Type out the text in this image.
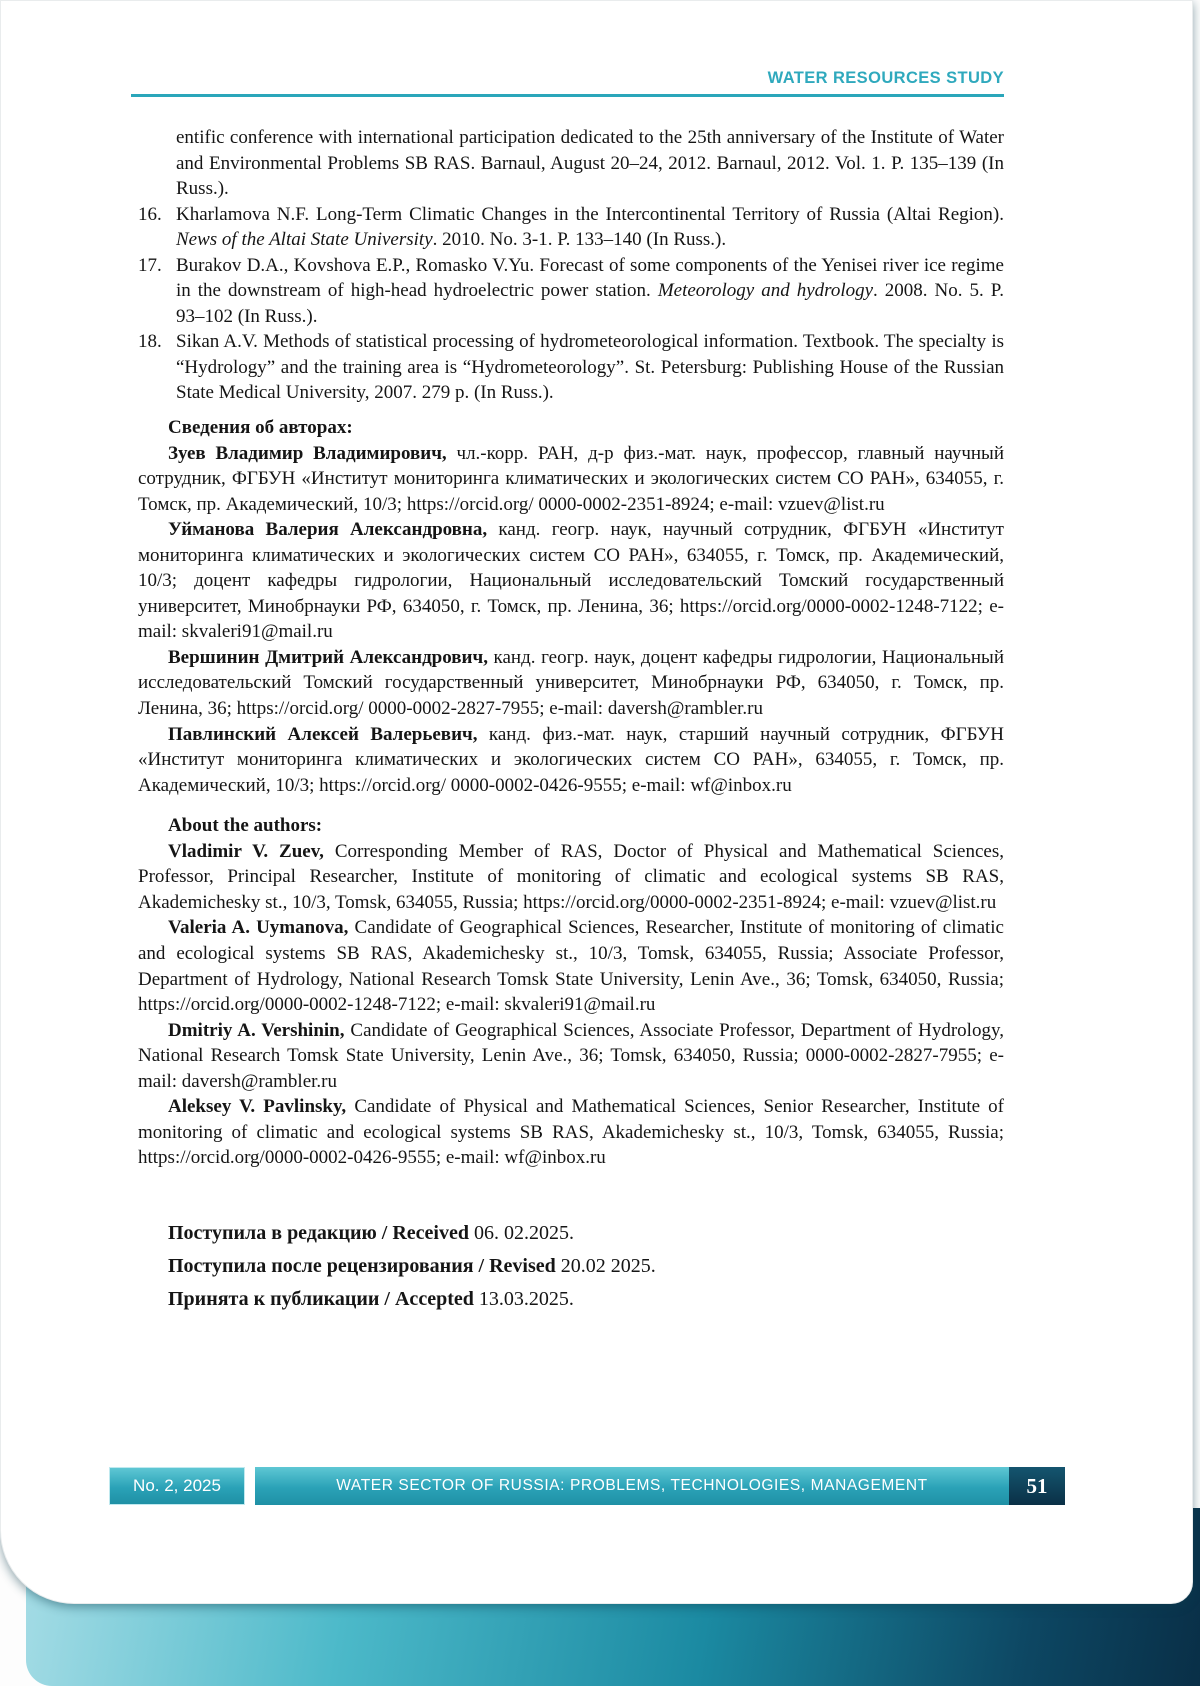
WATER RESOURCES STUDY

entific conference with international participation dedicated to the 25th anniversary of the Institute of Water and Environmental Problems SB RAS. Barnaul, August 20–24, 2012. Barnaul, 2012. Vol. 1. P. 135–139 (In Russ.).

16. Kharlamova N.F. Long-Term Climatic Changes in the Intercontinental Territory of Russia (Altai Region). News of the Altai State University. 2010. No. 3-1. P. 133–140 (In Russ.).

17. Burakov D.A., Kovshova E.P., Romasko V.Yu. Forecast of some components of the Yenisei river ice regime in the downstream of high-head hydroelectric power station. Meteorology and hydrology. 2008. No. 5. P. 93–102 (In Russ.).

18. Sikan A.V. Methods of statistical processing of hydrometeorological information. Textbook. The specialty is “Hydrology” and the training area is “Hydrometeorology”. St. Petersburg: Publishing House of the Russian State Medical University, 2007. 279 p. (In Russ.).

Сведения об авторах:

Зуев Владимир Владимирович, чл.-корр. РАН, д-р физ.-мат. наук, профессор, главный научный сотрудник, ФГБУН «Институт мониторинга климатических и экологических систем СО РАН», 634055, г. Томск, пр. Академический, 10/3; https://orcid.org/ 0000-0002-2351-8924; e-mail: vzuev@list.ru

Уйманова Валерия Александровна, канд. геогр. наук, научный сотрудник, ФГБУН «Институт мониторинга климатических и экологических систем СО РАН», 634055, г. Томск, пр. Академический, 10/3; доцент кафедры гидрологии, Национальный исследовательский Томский государственный университет, Минобрнауки РФ, 634050, г. Томск, пр. Ленина, 36; https://orcid.org/0000-0002-1248-7122; e-mail: skvaleri91@mail.ru

Вершинин Дмитрий Александрович, канд. геогр. наук, доцент кафедры гидрологии, Национальный исследовательский Томский государственный университет, Минобрнауки РФ, 634050, г. Томск, пр. Ленина, 36; https://orcid.org/ 0000-0002-2827-7955; e-mail: daversh@rambler.ru

Павлинский Алексей Валерьевич, канд. физ.-мат. наук, старший научный сотрудник, ФГБУН «Институт мониторинга климатических и экологических систем СО РАН», 634055, г. Томск, пр. Академический, 10/3; https://orcid.org/ 0000-0002-0426-9555; e-mail: wf@inbox.ru

About the authors:

Vladimir V. Zuev, Corresponding Member of RAS, Doctor of Physical and Mathematical Sciences, Professor, Principal Researcher, Institute of monitoring of climatic and ecological systems SB RAS, Akademichesky st., 10/3, Tomsk, 634055, Russia; https://orcid.org/0000-0002-2351-8924; e-mail: vzuev@list.ru

Valeria A. Uymanova, Candidate of Geographical Sciences, Researcher, Institute of monitoring of climatic and ecological systems SB RAS, Akademichesky st., 10/3, Tomsk, 634055, Russia; Associate Professor, Department of Hydrology, National Research Tomsk State University, Lenin Ave., 36; Tomsk, 634050, Russia; https://orcid.org/0000-0002-1248-7122; e-mail: skvaleri91@mail.ru

Dmitriy A. Vershinin, Candidate of Geographical Sciences, Associate Professor, Department of Hydrology, National Research Tomsk State University, Lenin Ave., 36; Tomsk, 634050, Russia; 0000-0002-2827-7955; e-mail: daversh@rambler.ru

Aleksey V. Pavlinsky, Candidate of Physical and Mathematical Sciences, Senior Researcher, Institute of monitoring of climatic and ecological systems SB RAS, Akademichesky st., 10/3, Tomsk, 634055, Russia; https://orcid.org/0000-0002-0426-9555; e-mail: wf@inbox.ru

Поступила в редакцию / Received 06. 02.2025.

Поступила после рецензирования / Revised 20.02 2025.

Принята к публикации / Accepted 13.03.2025.

No. 2, 2025	WATER SECTOR OF RUSSIA: PROBLEMS, TECHNOLOGIES, MANAGEMENT	51
